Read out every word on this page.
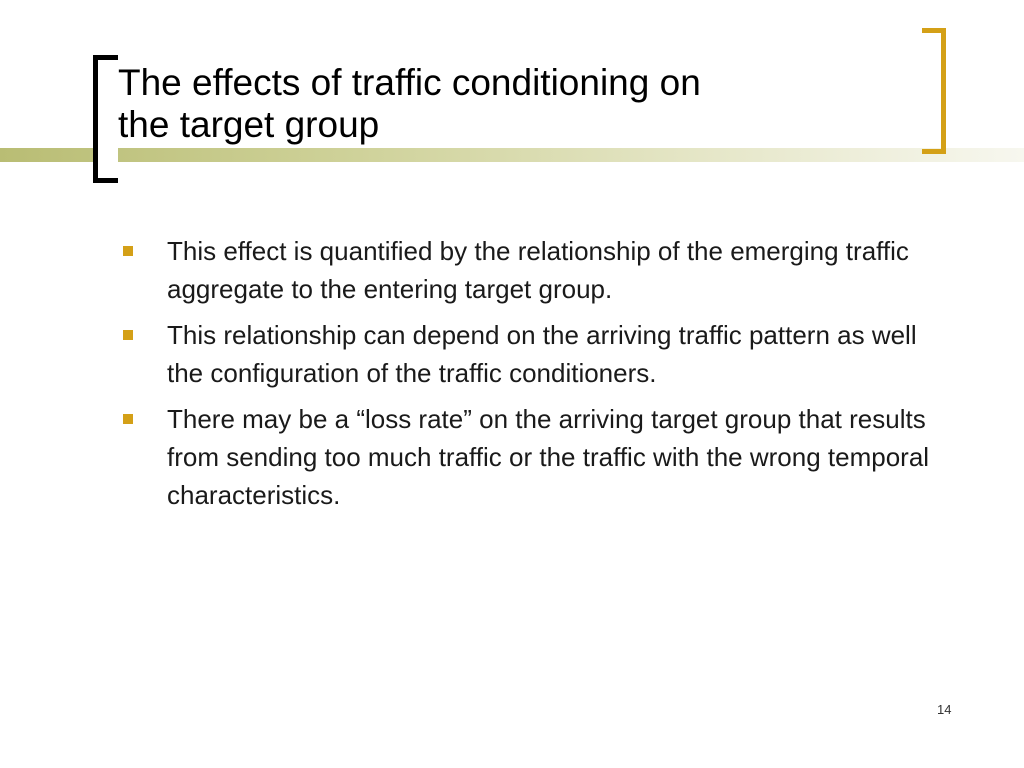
The effects of traffic conditioning on
the target group
This effect is quantified by the relationship of the emerging traffic aggregate to the entering target group.
This relationship can depend on the arriving traffic pattern as well the configuration of the traffic conditioners.
There may be a “loss rate” on the arriving target group that results from sending too much traffic or the traffic with the wrong temporal characteristics.
14
